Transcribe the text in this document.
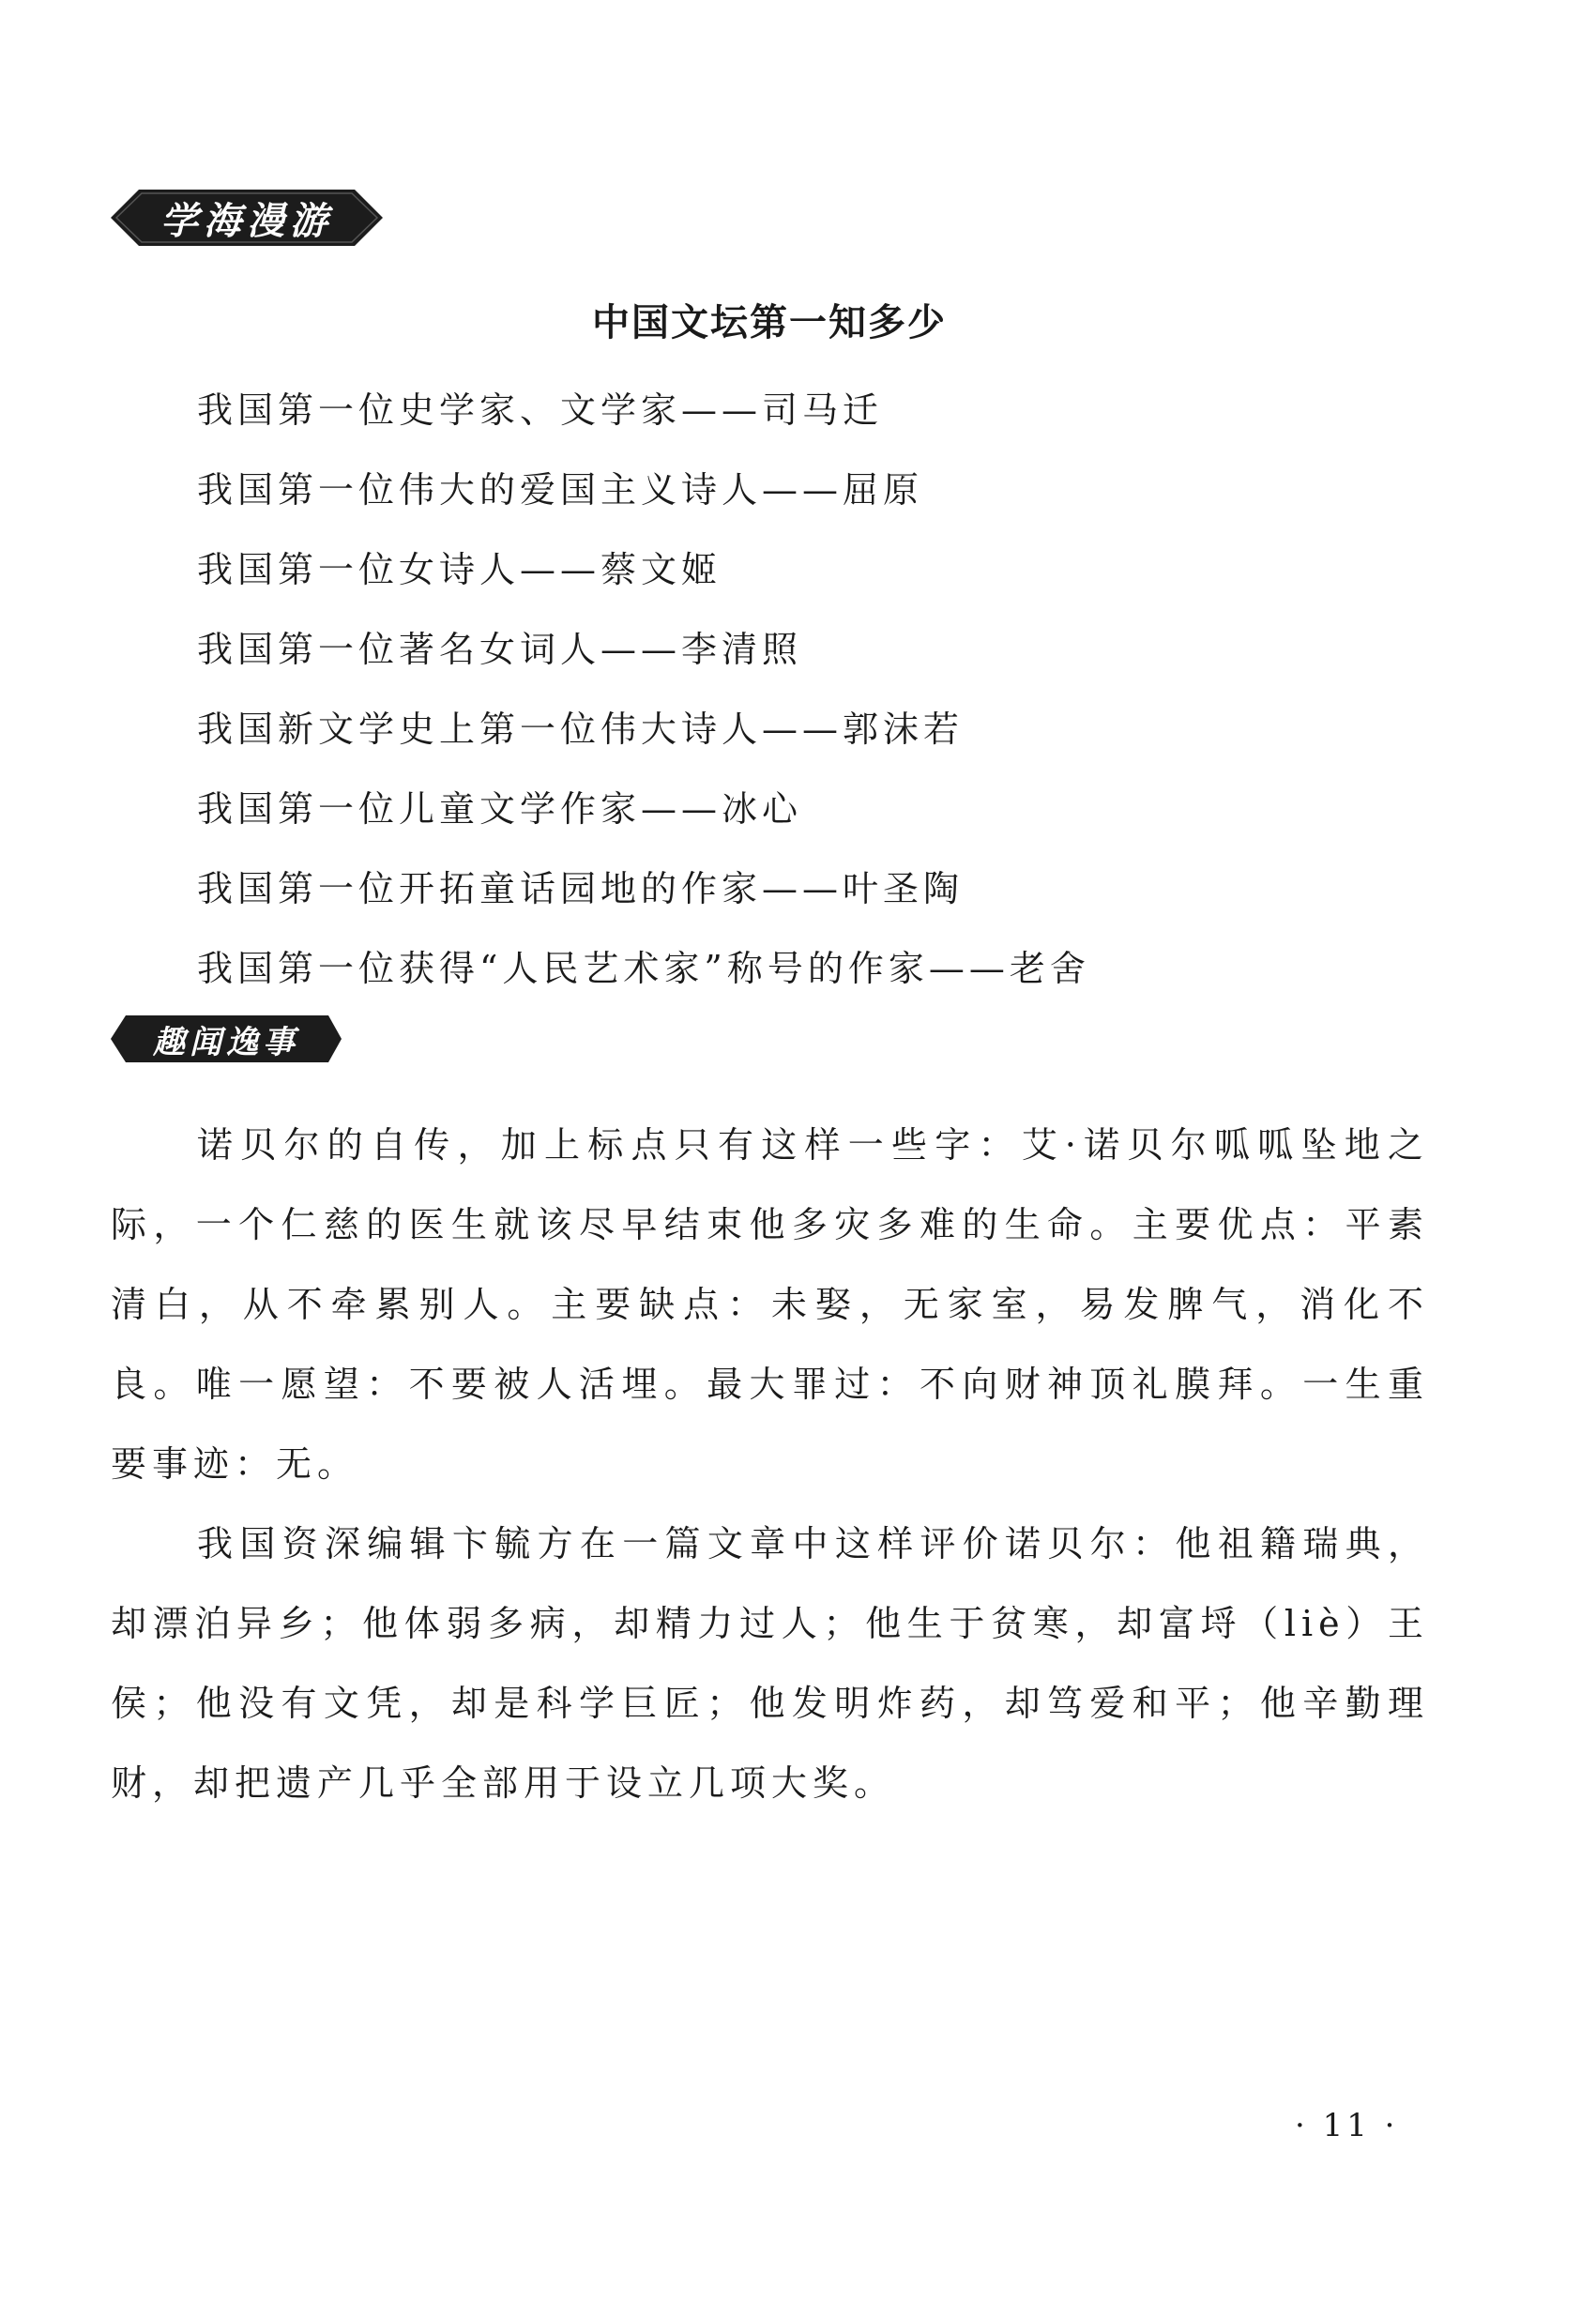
学海漫游
中国文坛第一知多少
我国第一位史学家、文学家——司马迁
我国第一位伟大的爱国主义诗人——屈原
我国第一位女诗人——蔡文姬
我国第一位著名女词人——李清照
我国新文学史上第一位伟大诗人——郭沫若
我国第一位儿童文学作家——冰心
我国第一位开拓童话园地的作家——叶圣陶
我国第一位获得“人民艺术家”称号的作家——老舍
趣闻逸事

诺贝尔的自传，加上标点只有这样一些字：艾·诺贝尔呱呱坠地之际，一个仁慈的医生就该尽早结束他多灾多难的生命。主要优点：平素清白，从不牵累别人。主要缺点：未娶，无家室，易发脾气，消化不良。唯一愿望：不要被人活埋。最大罪过：不向财神顶礼膜拜。一生重要事迹：无。

我国资深编辑卞毓方在一篇文章中这样评价诺贝尔：他祖籍瑞典，却漂泊异乡；他体弱多病，却精力过人；他生于贫寒，却富埒（liè）王侯；他没有文凭，却是科学巨匠；他发明炸药，却笃爱和平；他辛勤理财，却把遗产几乎全部用于设立几项大奖。

· 11 ·
